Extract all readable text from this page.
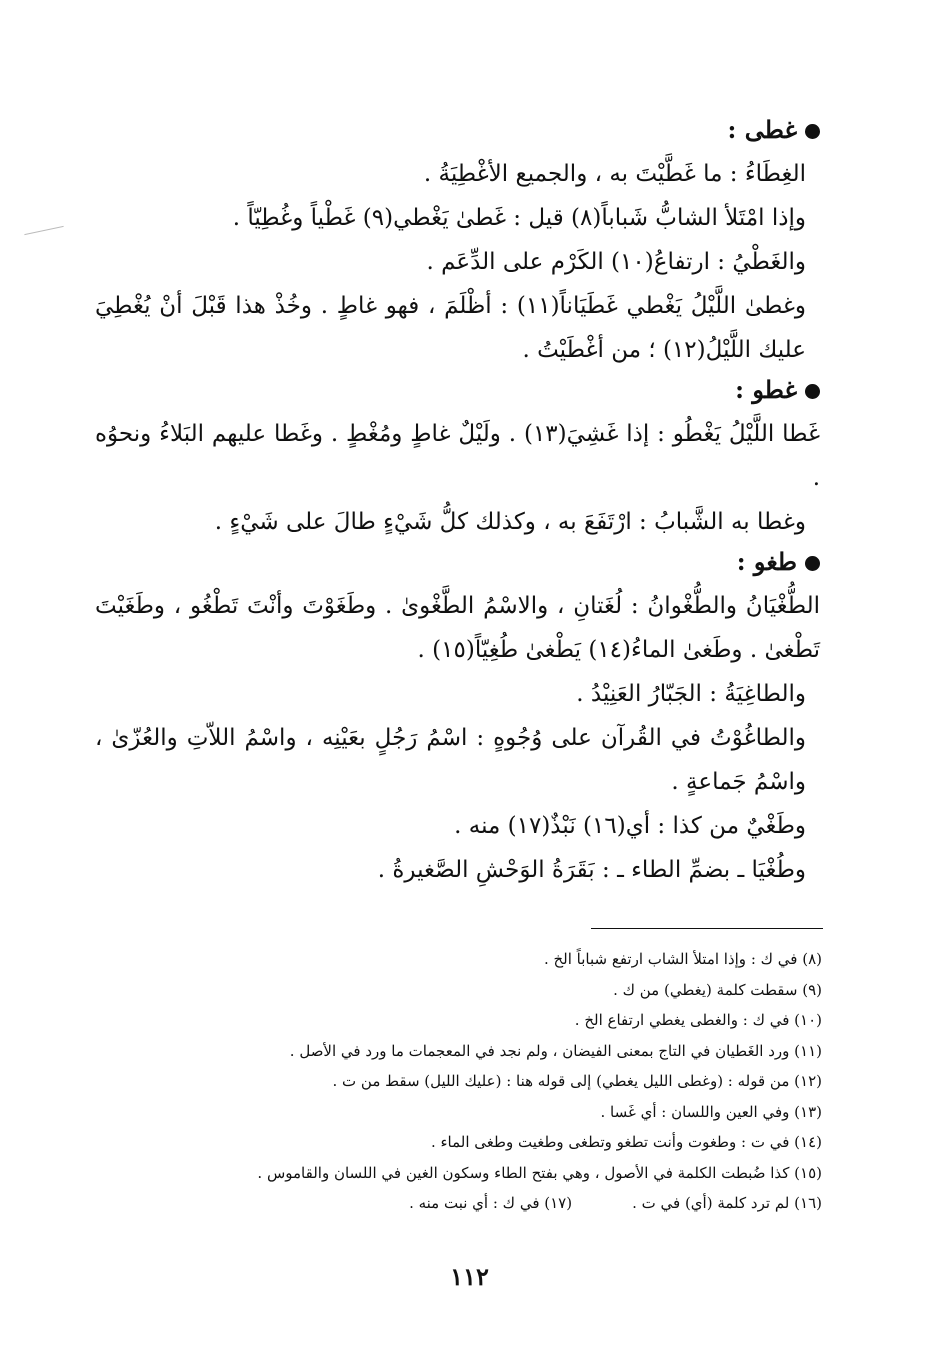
غطى :

الغِطَاءُ : ما غَطَّيْتَ به ، والجميع الأغْطِيَةُ .

وإذا امْتَلأ الشابُّ شَباباً(٨) قيل : غَطىٰ يَغْطي(٩) غَطْياً وغُطِيّاً .

والغَطْيُ : ارتفاعُ(١٠) الكَرْم على الدِّعَم .

وغطىٰ اللَّيْلُ يَغْطي غَطَيَاناً(١١) : أظْلَمَ ، فهو غاطٍ . وخُذْ هذا قَبْلَ أنْ يُغْطِيَ عليك اللَّيْلُ(١٢) ؛ من أغْطَيْتُ .

غطو :

غَطا اللَّيْلُ يَغْطُو : إذا غَشِيَ(١٣) . ولَيْلٌ غاطٍ ومُغْطٍ . وغَطا عليهم البَلاءُ ونحوُه .

وغطا به الشَّبابُ : ارْتَفَعَ به ، وكذلك كلُّ شَيْءٍ طالَ على شَيْءٍ .

طغو :

الطُّغْيَانُ والطُّغْوانُ : لُغَتانِ ، والاسْمُ الطَّغْوىٰ . وطَغَوْتَ وأنْتَ تَطْغُو ، وطَغَيْتَ تَطْغىٰ . وطَغىٰ الماءُ(١٤) يَطْغىٰ طُغِيّاً(١٥) .

والطاغِيَةُ : الجَبّارُ العَنِيْدُ .

والطاغُوْتُ في القُرآن على وُجُوهٍ : اسْمُ رَجُلٍ بعَيْنِه ، واسْمُ اللاّتِ والعُزّىٰ ، واسْمُ جَماعةٍ .

وطَغْيٌ من كذا : أي(١٦) نَبْذٌ(١٧) منه .

وطُغْيَا ـ بضمِّ الطاء ـ : بَقَرَةُ الوَحْشِ الصَّغيرةُ .

(٨) في ك : وإذا امتلأ الشاب ارتفع شباباً الخ .

(٩) سقطت كلمة (يغطي) من ك .

(١٠) في ك : والغطى يغطي ارتفاع الخ .

(١١) ورد الغَطيان في التاج بمعنى الفيضان ، ولم نجد في المعجمات ما ورد في الأصل .

(١٢) من قوله : (وغطى الليل يغطي) إلى قوله هنا : (عليك الليل) سقط من ت .

(١٣) وفي العين واللسان : أي غَسا .

(١٤) في ت : وطغوت وأنت تطغو وتطغى وطغيت وطغى الماء .

(١٥) كذا ضُبطت الكلمة في الأصول ، وهي بفتح الطاء وسكون الغين في اللسان والقاموس .

(١٦) لم ترد كلمة (أي) في ت .(١٧) في ك : أي نبت منه .

١١٢
